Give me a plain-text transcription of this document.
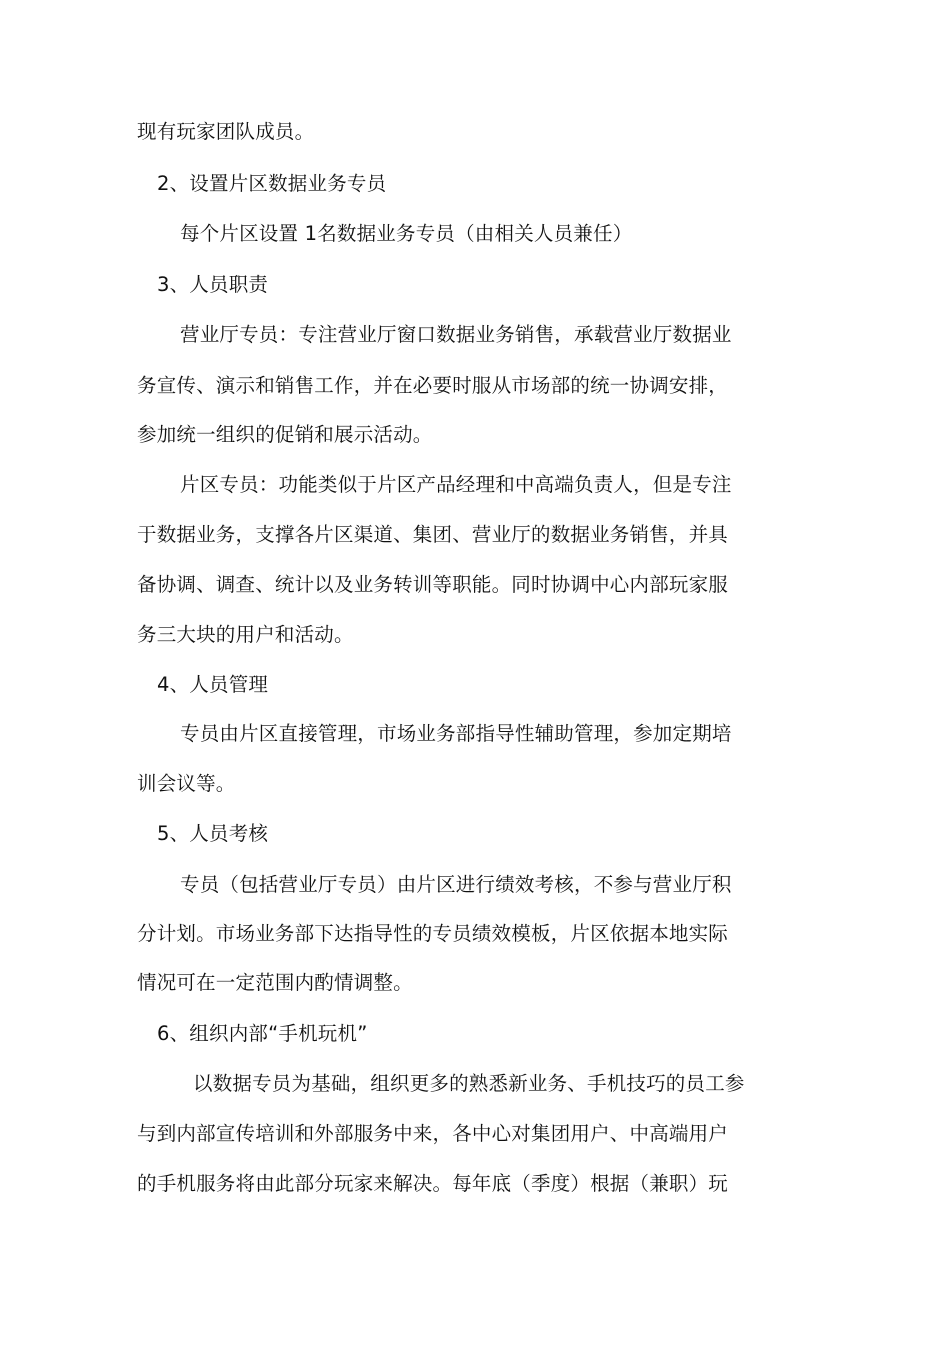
现有玩家团队成员。
2、设置片区数据业务专员
每个片区设置 1名数据业务专员（由相关人员兼任）
3、人员职责
营业厅专员：专注营业厅窗口数据业务销售，承载营业厅数据业
务宣传、演示和销售工作，并在必要时服从市场部的统一协调安排，
参加统一组织的促销和展示活动。
片区专员：功能类似于片区产品经理和中高端负责人，但是专注
于数据业务，支撑各片区渠道、集团、营业厅的数据业务销售，并具
备协调、调查、统计以及业务转训等职能。同时协调中心内部玩家服
务三大块的用户和活动。
4、人员管理
专员由片区直接管理，市场业务部指导性辅助管理，参加定期培
训会议等。
5、人员考核
专员（包括营业厅专员）由片区进行绩效考核，不参与营业厅积
分计划。市场业务部下达指导性的专员绩效模板，片区依据本地实际
情况可在一定范围内酌情调整。
6、组织内部“手机玩机”
以数据专员为基础，组织更多的熟悉新业务、手机技巧的员工参
与到内部宣传培训和外部服务中来，各中心对集团用户、中高端用户
的手机服务将由此部分玩家来解决。每年底（季度）根据（兼职）玩
